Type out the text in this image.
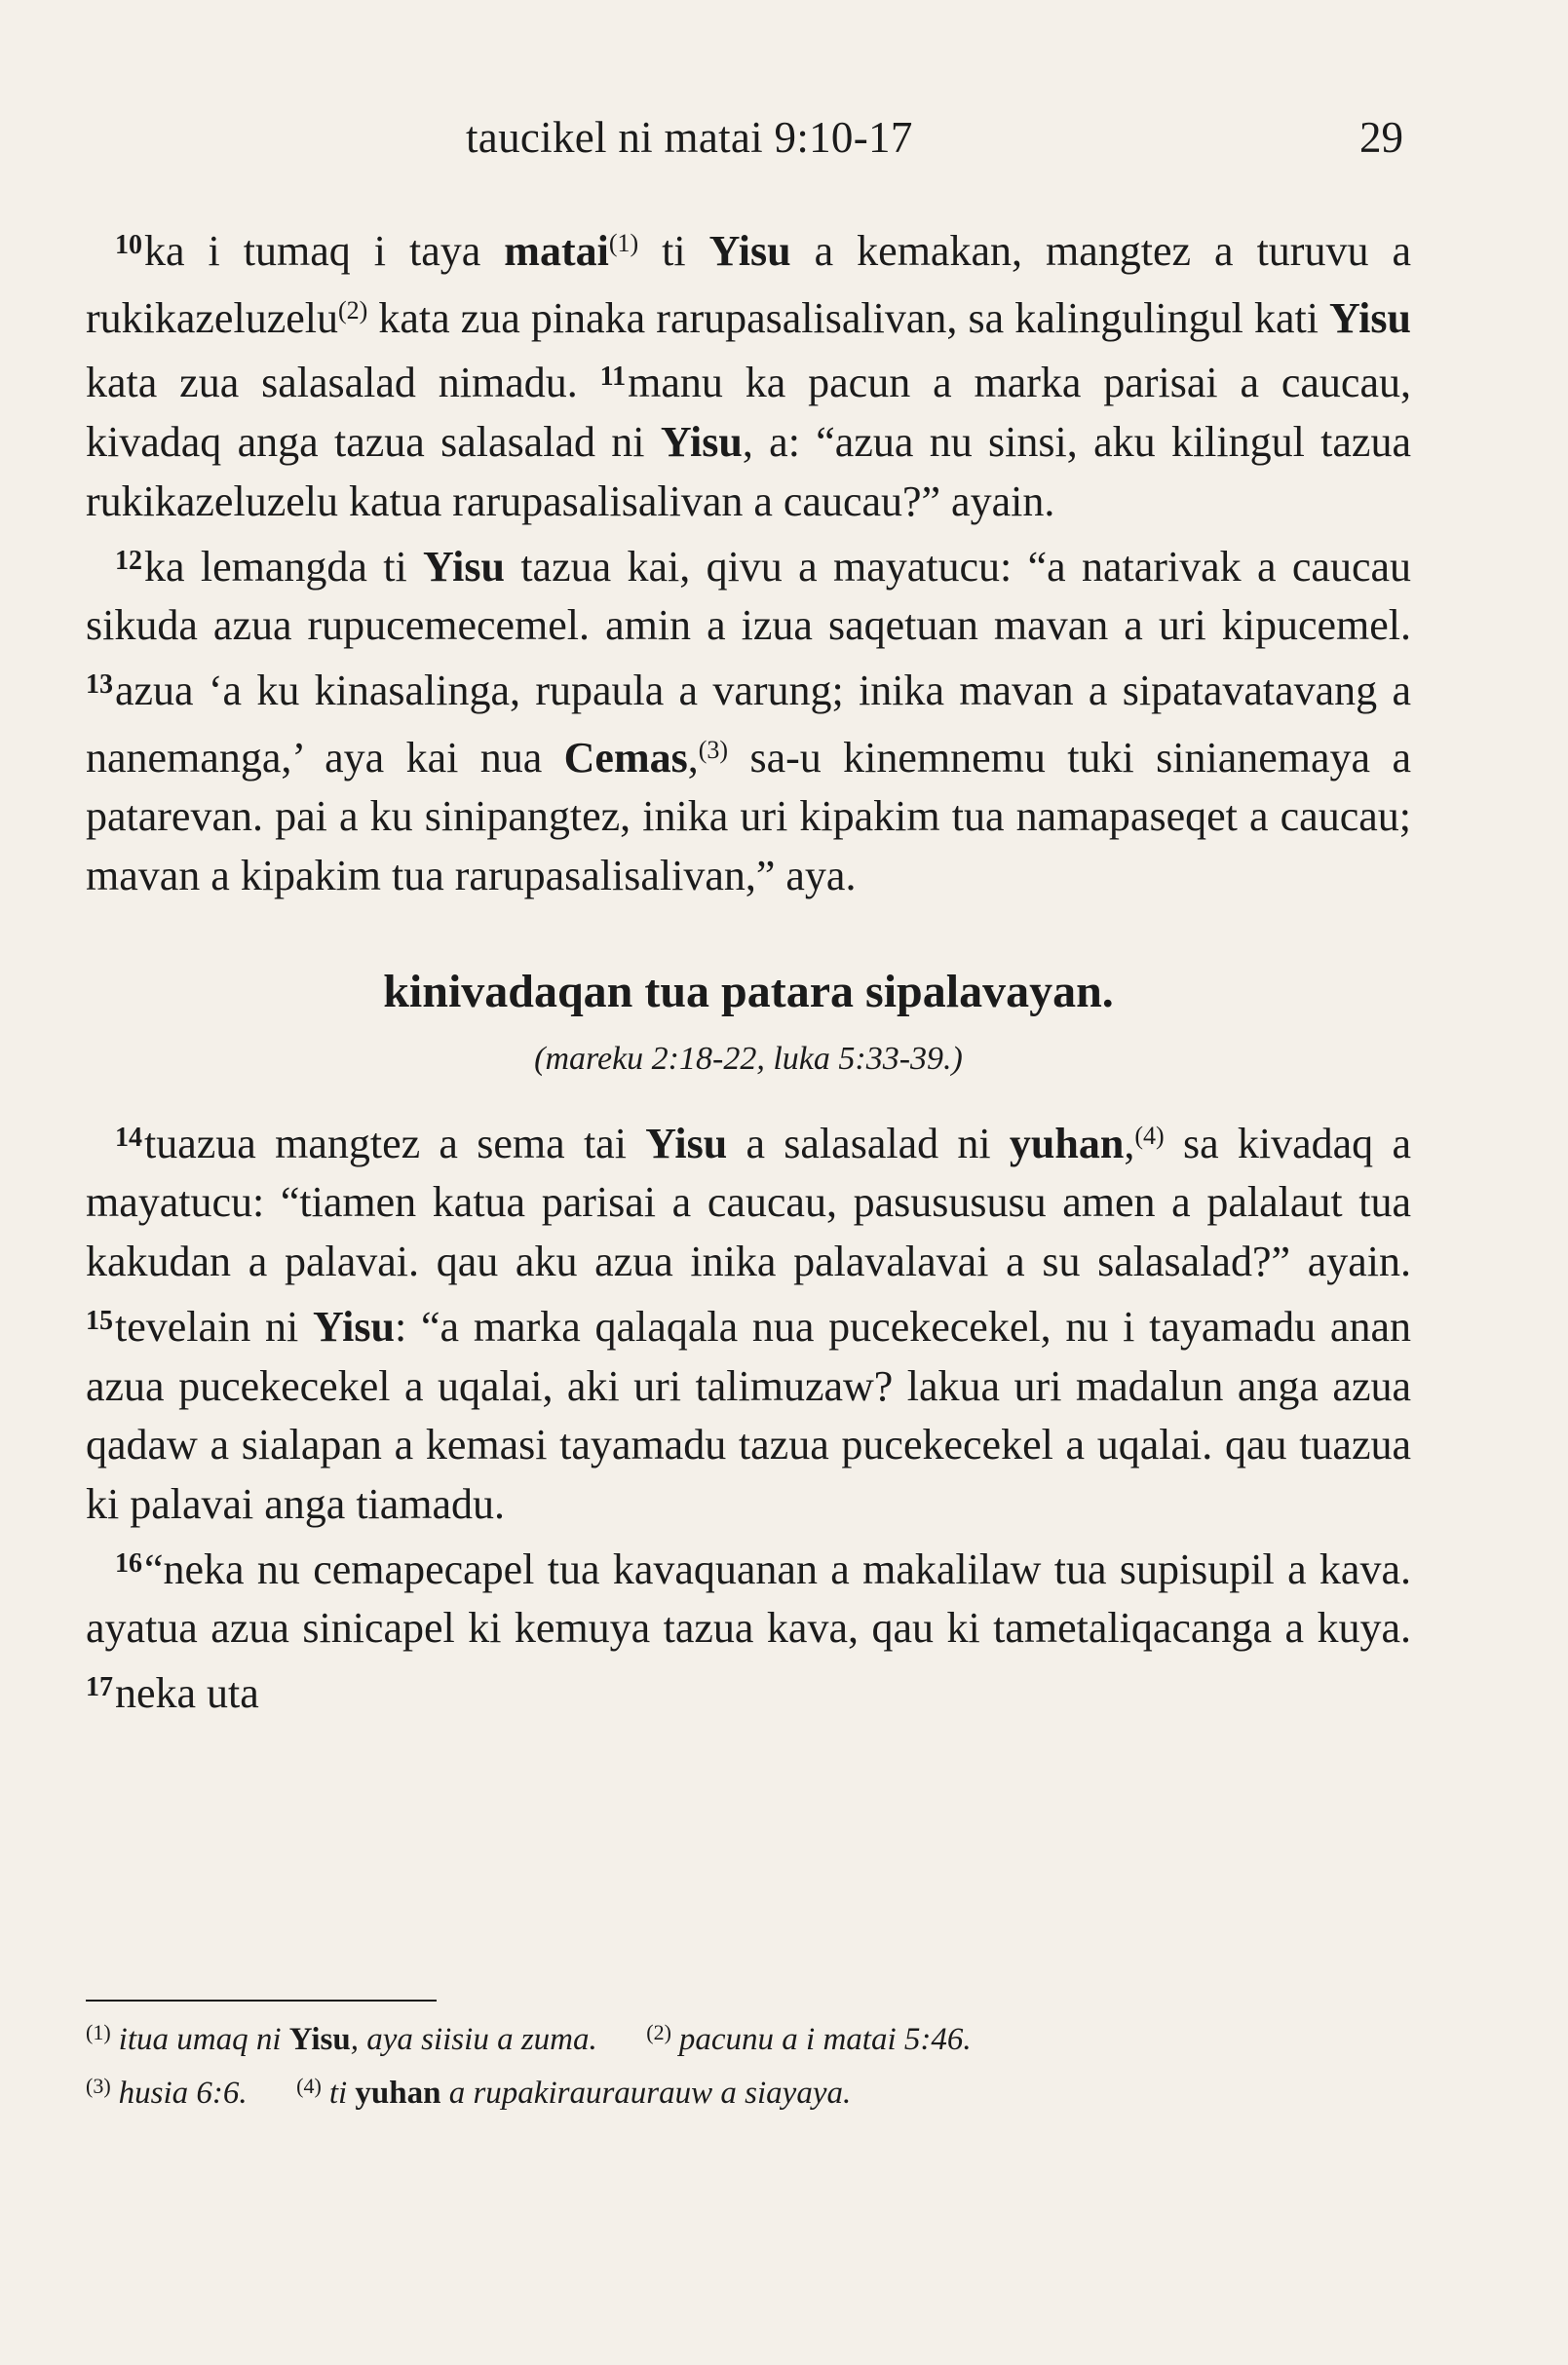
taucikel ni matai 9:10-17	29

$^{10}$ka i tumaq i taya matai$^{(1)}$ ti Yisu a kemakan, mangtez a turuvu a rukikazeluzelu$^{(2)}$ kata zua pinaka rarupasalisalivan, sa kalingulingul kati Yisu kata zua salasalad nimadu. $^{11}$manu ka pacun a marka parisai a caucau, kivadaq anga tazua salasalad ni Yisu, a: “azua nu sinsi, aku kilingul tazua rukikazeluzelu katua rarupasalisalivan a caucau?” ayain.

$^{12}$ka lemangda ti Yisu tazua kai, qivu a mayatucu: “a natarivak a caucau sikuda azua rupucemecemel. amin a izua saqetuan mavan a uri kipucemel. $^{13}$azua ‘a ku kinasalinga, rupaula a varung; inika mavan a sipatavatavang a nanemanga,’ aya kai nua Cemas,$^{(3)}$ sa-u kinemnemu tuki sinianemaya a patarevan. pai a ku sinipangtez, inika uri kipakim tua namapaseqet a caucau; mavan a kipakim tua rarupasalisalivan,” aya.

kinivadaqan tua patara sipalavayan.
(mareku 2:18-22, luka 5:33-39.)

$^{14}$tuazua mangtez a sema tai Yisu a salasalad ni yuhan,$^{(4)}$ sa kivadaq a mayatucu: “tiamen katua parisai a caucau, pasusususu amen a palalaut tua kakudan a palavai. qau aku azua inika palavalavai a su salasalad?” ayain. $^{15}$tevelain ni Yisu: “a marka qalaqala nua pucekecekel, nu i tayamadu anan azua pucekecekel a uqalai, aki uri talimuzaw? lakua uri madalun anga azua qadaw a sialapan a kemasi tayamadu tazua pucekecekel a uqalai. qau tuazua ki palavai anga tiamadu.

$^{16}$“neka nu cemapecapel tua kavaquanan a makalilaw tua supisupil a kava. ayatua azua sinicapel ki kemuya tazua kava, qau ki tametaliqacanga a kuya. $^{17}$neka uta

$^{(1)}$ itua umaq ni Yisu, aya siisiu a zuma. $^{(2)}$ pacunu a i matai 5:46.
$^{(3)}$ husia 6:6. $^{(4)}$ ti yuhan a rupakirauraurauw a siayaya.
